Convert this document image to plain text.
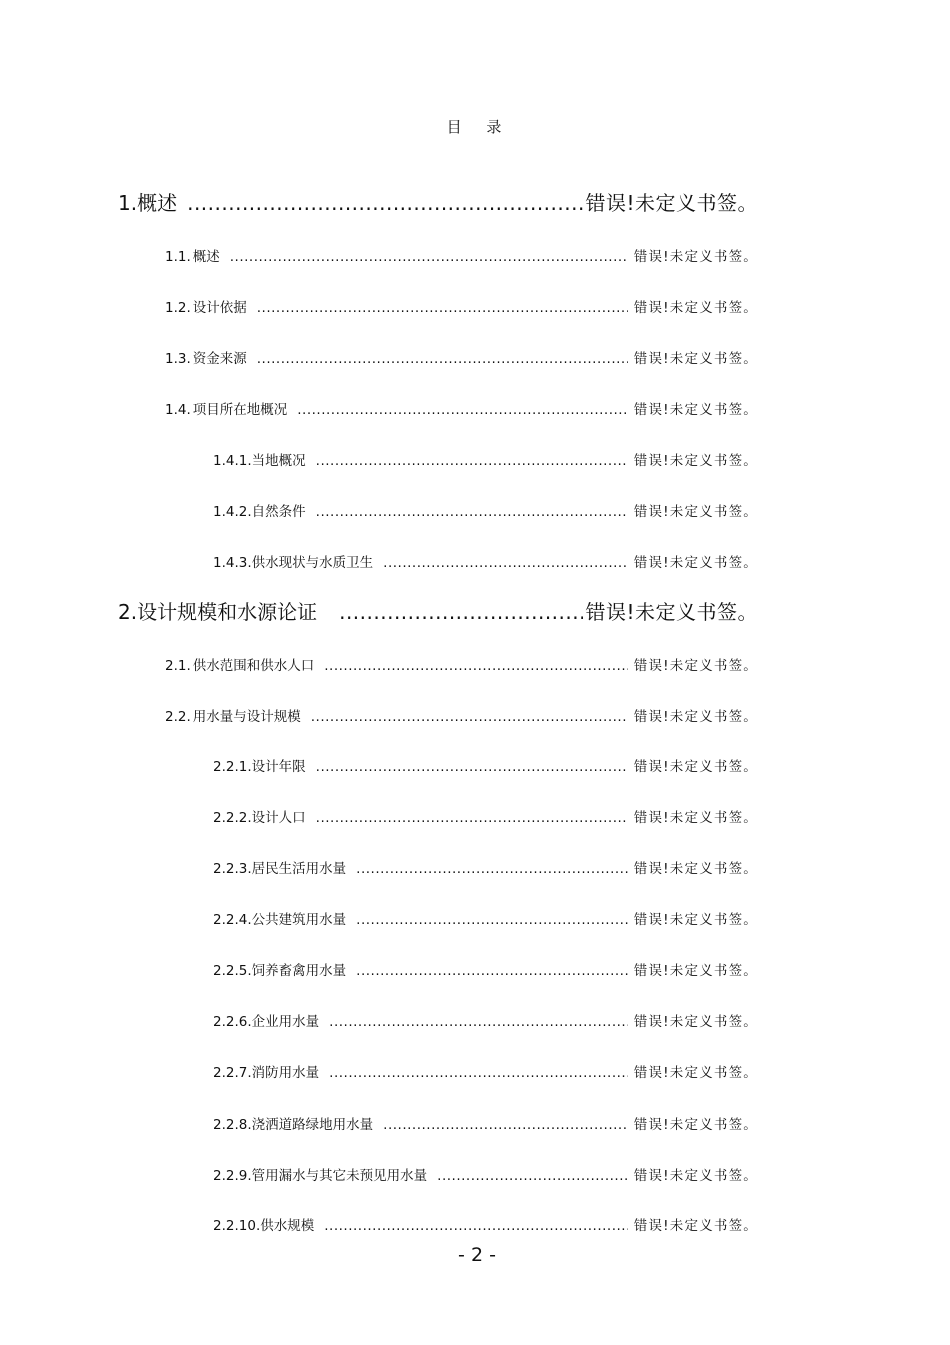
目 录
1. 概述 .....	错误!未定义书签。
1.1. 概述 .....	错误!未定义书签。
1.2. 设计依据 .....	错误!未定义书签。
1.3. 资金来源 .....	错误!未定义书签。
1.4. 项目所在地概况 .....	错误!未定义书签。
1.4.1. 当地概况 .....	错误!未定义书签。
1.4.2. 自然条件 .....	错误!未定义书签。
1.4.3. 供水现状与水质卫生 .....	错误!未定义书签。
2. 设计规模和水源论证 .....	错误!未定义书签。
2.1. 供水范围和供水人口 .....	错误!未定义书签。
2.2. 用水量与设计规模 .....	错误!未定义书签。
2.2.1. 设计年限 .....	错误!未定义书签。
2.2.2. 设计人口 .....	错误!未定义书签。
2.2.3. 居民生活用水量 .....	错误!未定义书签。
2.2.4. 公共建筑用水量 .....	错误!未定义书签。
2.2.5. 饲养畜禽用水量 .....	错误!未定义书签。
2.2.6. 企业用水量 .....	错误!未定义书签。
2.2.7. 消防用水量 .....	错误!未定义书签。
2.2.8. 浇洒道路绿地用水量 .....	错误!未定义书签。
2.2.9. 管用漏水与其它未预见用水量 .....	错误!未定义书签。
2.2.10. 供水规模 .....	错误!未定义书签。
- 2 -
